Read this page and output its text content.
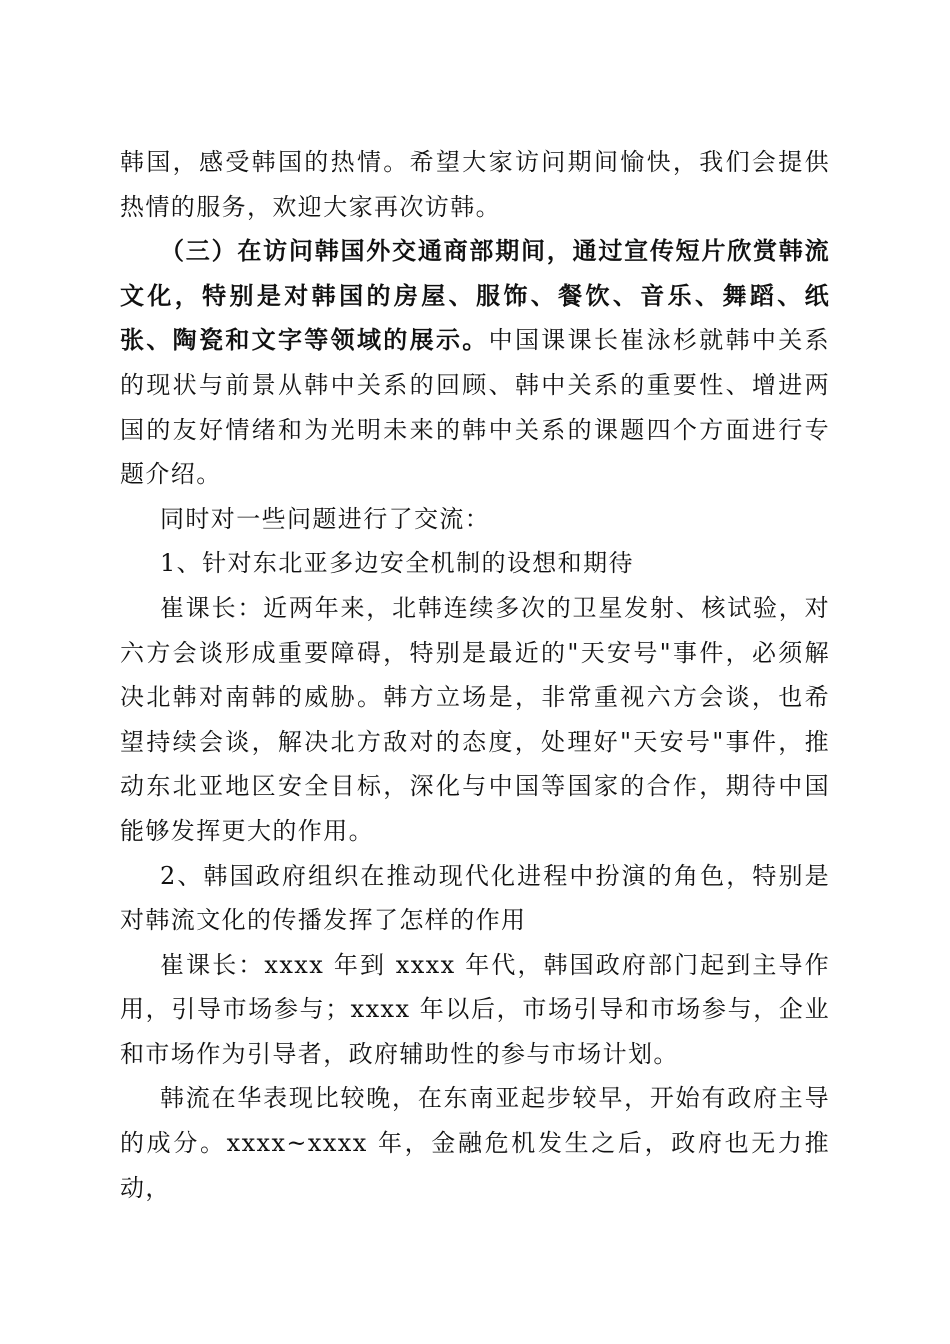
韩国，感受韩国的热情。希望大家访问期间愉快，我们会提供热情的服务，欢迎大家再次访韩。

（三）在访问韩国外交通商部期间，通过宣传短片欣赏韩流文化，特别是对韩国的房屋、服饰、餐饮、音乐、舞蹈、纸张、陶瓷和文字等领域的展示。中国课课长崔泳杉就韩中关系的现状与前景从韩中关系的回顾、韩中关系的重要性、增进两国的友好情绪和为光明未来的韩中关系的课题四个方面进行专题介绍。

同时对一些问题进行了交流：

1、针对东北亚多边安全机制的设想和期待

崔课长：近两年来，北韩连续多次的卫星发射、核试验，对六方会谈形成重要障碍，特别是最近的"天安号"事件，必须解决北韩对南韩的威胁。韩方立场是，非常重视六方会谈，也希望持续会谈，解决北方敌对的态度，处理好"天安号"事件，推动东北亚地区安全目标，深化与中国等国家的合作，期待中国能够发挥更大的作用。

2、韩国政府组织在推动现代化进程中扮演的角色，特别是对韩流文化的传播发挥了怎样的作用

崔课长：xxxx 年到 xxxx 年代，韩国政府部门起到主导作用，引导市场参与；xxxx 年以后，市场引导和市场参与，企业和市场作为引导者，政府辅助性的参与市场计划。

韩流在华表现比较晚，在东南亚起步较早，开始有政府主导的成分。xxxx~xxxx 年，金融危机发生之后，政府也无力推动，
